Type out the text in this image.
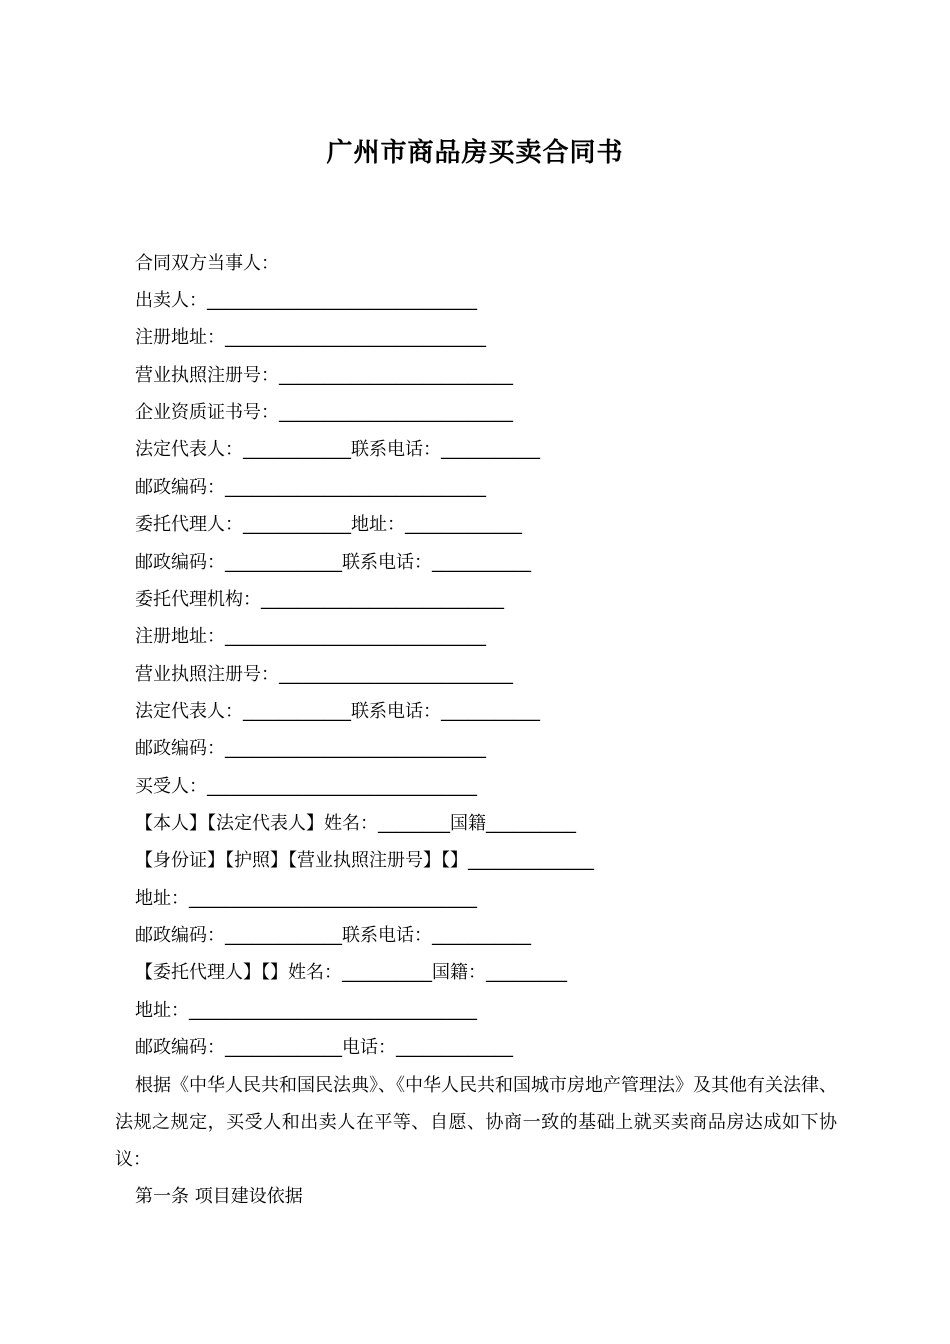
广州市商品房买卖合同书
合同双方当事人：
出卖人：______________________________
注册地址：_____________________________
营业执照注册号：__________________________
企业资质证书号：__________________________
法定代表人：____________联系电话：___________
邮政编码：_____________________________
委托代理人：____________地址：_____________
邮政编码：_____________联系电话：___________
委托代理机构：___________________________
注册地址：_____________________________
营业执照注册号：__________________________
法定代表人：____________联系电话：___________
邮政编码：_____________________________
买受人：______________________________
【本人】【法定代表人】姓名：________国籍__________
【身份证】【护照】【营业执照注册号】【】______________
地址：________________________________
邮政编码：_____________联系电话：___________
【委托代理人】【】姓名：__________国籍：_________
地址：________________________________
邮政编码：_____________电话：_____________
根据《中华人民共和国民法典》、《中华人民共和国城市房地产管理法》及其他有关法律、法规之规定，买受人和出卖人在平等、自愿、协商一致的基础上就买卖商品房达成如下协议：
第一条 项目建设依据
